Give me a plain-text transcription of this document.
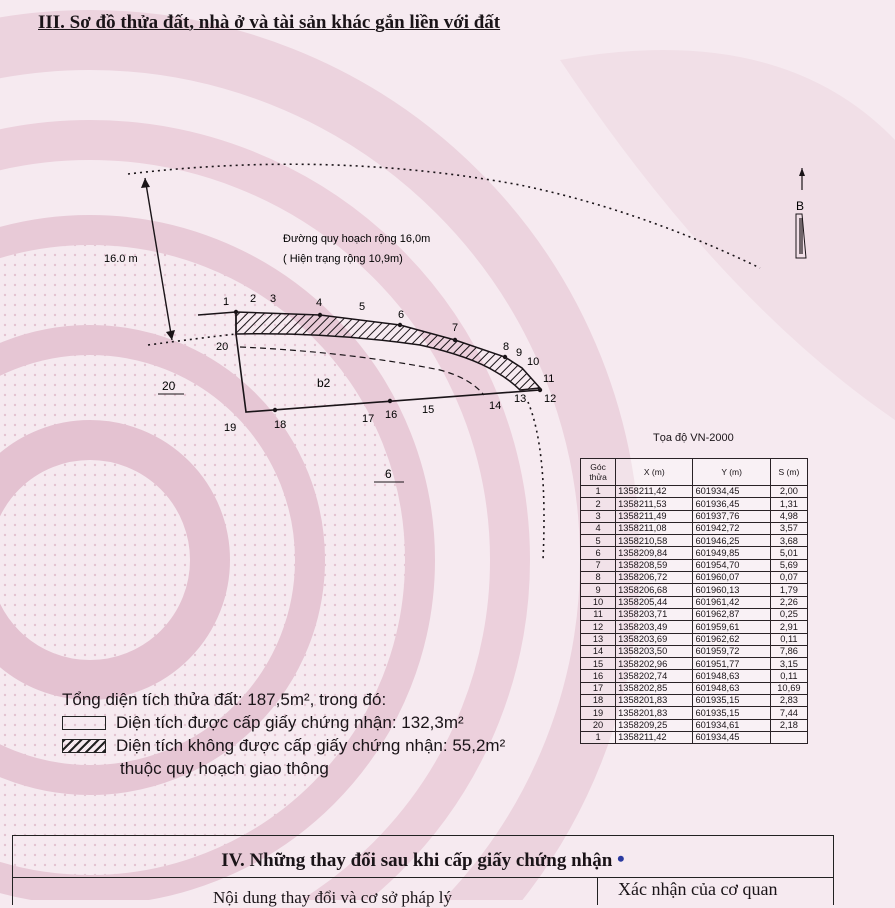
III. Sơ đồ thửa đất, nhà ở và tài sản khác gắn liền với đất
16.0 m
Đường quy hoạch rộng 16,0m
( Hiện trạng rộng 10,9m)
1 2 3	4	5
6
7
8 9
10
11
12
13
14
15
16
17
18
19
20
b2
20
6
B
Tọa độ VN-2000
Góc thửa	X (m)	Y (m)	S (m)
1	1358211,42	601934,45	2,00
2	1358211,53	601936,45	1,31
3	1358211,49	601937,76	4,98
4	1358211,08	601942,72	3,57
5	1358210,58	601946,25	3,68
6	1358209,84	601949,85	5,01
7	1358208,59	601954,70	5,69
8	1358206,72	601960,07	0,07
9	1358206,68	601960,13	1,79
10	1358205,44	601961,42	2,26
11	1358203,71	601962,87	0,25
12	1358203,49	601959,61	2,91
13	1358203,69	601962,62	0,11
14	1358203,50	601959,72	7,86
15	1358202,96	601951,77	3,15
16	1358202,74	601948,63	0,11
17	1358202,85	601948,63	10,69
18	1358201,83	601935,15	2,83
19	1358201,83	601935,15	7,44
20	1358209,25	601934,61	2,18
1	1358211,42	601934,45	
Tổng diện tích thửa đất: 187,5m², trong đó:
Diện tích được cấp giấy chứng nhận: 132,3m²
Diện tích không được cấp giấy chứng nhận: 55,2m²
thuộc quy hoạch giao thông
IV. Những thay đổi sau khi cấp giấy chứng nhận •
Nội dung thay đổi và cơ sở pháp lý	Xác nhận của cơ quan
